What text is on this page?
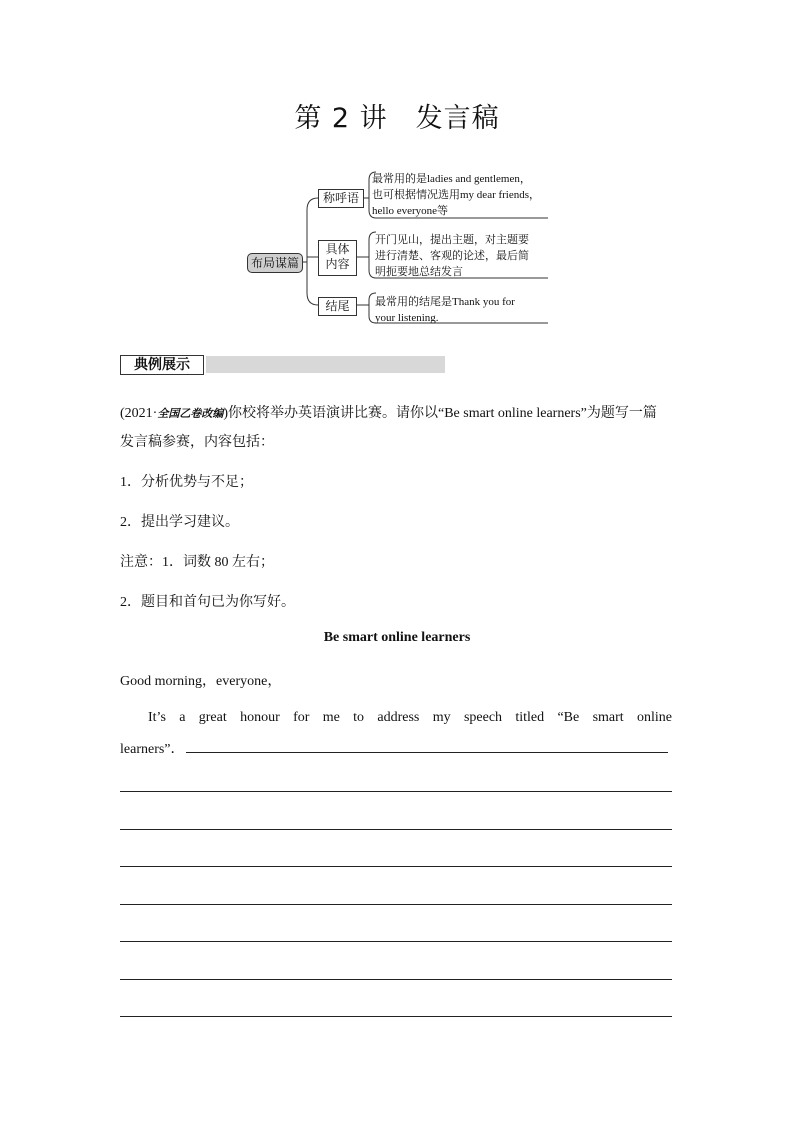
第 2 讲　发言稿
布局谋篇
称呼语
具体
内容
结尾
最常用的是ladies and gentlemen，
也可根据情况选用my dear friends，
hello everyone等
开门见山，提出主题，对主题要
进行清楚、客观的论述，最后简
明扼要地总结发言
最常用的结尾是Thank you for
your listening.
典例展示
(2021·全国乙卷改编)你校将举办英语演讲比赛。请你以“Be smart online learners”为题写一篇
发言稿参赛，内容包括：
1．分析优势与不足；
2．提出学习建议。
注意：1．词数 80 左右；
2．题目和首句已为你写好。
Be smart online learners
Good morning，everyone，
It’s a great honour for me to address my speech titled “Be smart online
learners”．
